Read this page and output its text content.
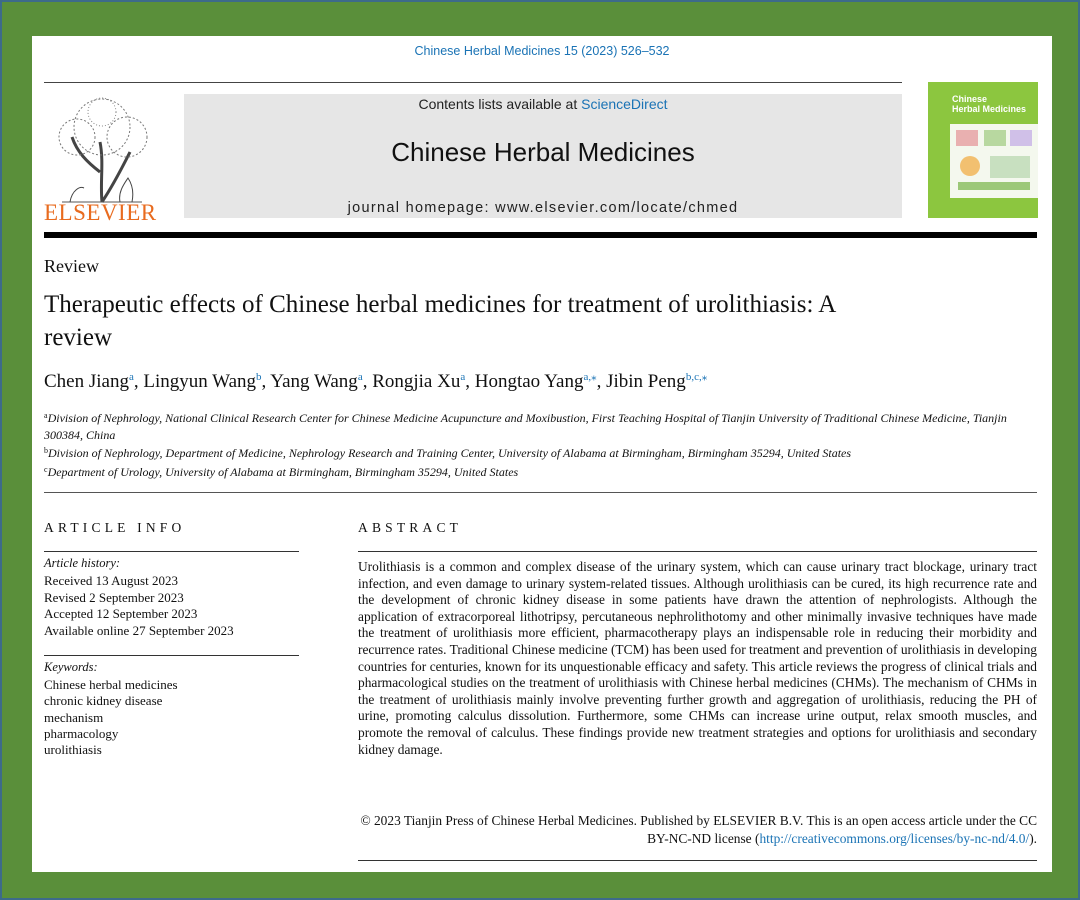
Chinese Herbal Medicines 15 (2023) 526–532
ELSEVIER
Contents lists available at ScienceDirect
Chinese Herbal Medicines
journal homepage: www.elsevier.com/locate/chmed
Chinese
Herbal Medicines
Review
Therapeutic effects of Chinese herbal medicines for treatment of urolithiasis: A review
Chen Jiang$^a$, Lingyun Wang$^b$, Yang Wang$^a$, Rongjia Xu$^a$, Hongtao Yang$^{a,⁎}$, Jibin Peng$^{b,c,⁎}$

$^a$Division of Nephrology, National Clinical Research Center for Chinese Medicine Acupuncture and Moxibustion, First Teaching Hospital of Tianjin University of Traditional Chinese Medicine, Tianjin 300384, China

$^b$Division of Nephrology, Department of Medicine, Nephrology Research and Training Center, University of Alabama at Birmingham, Birmingham 35294, United States

$^c$Department of Urology, University of Alabama at Birmingham, Birmingham 35294, United States

ARTICLE INFO	ABSTRACT
Article history:
Received 13 August 2023
Revised 2 September 2023
Accepted 12 September 2023
Available online 27 September 2023
Keywords:
Chinese herbal medicines
chronic kidney disease
mechanism
pharmacology
urolithiasis

Urolithiasis is a common and complex disease of the urinary system, which can cause urinary tract blockage, urinary tract infection, and even damage to urinary system-related tissues. Although urolithiasis can be cured, its high recurrence rate and the development of chronic kidney disease in some patients have drawn the attention of nephrologists. Although the application of extracorporeal lithotripsy, percutaneous nephrolithotomy and other minimally invasive techniques have made the treatment of urolithiasis more efficient, pharmacotherapy plays an indispensable role in reducing their morbidity and recurrence rates. Traditional Chinese medicine (TCM) has been used for treatment and prevention of urolithiasis in developing countries for centuries, known for its unquestionable efficacy and safety. This article reviews the progress of clinical trials and pharmacological studies on the treatment of urolithiasis with Chinese herbal medicines (CHMs). The mechanism of CHMs in the treatment of urolithiasis mainly involve preventing further growth and aggregation of urolithiasis, reducing the PH of urine, promoting calculus dissolution. Furthermore, some CHMs can increase urine output, relax smooth muscles, and promote the removal of calculus. These findings provide new treatment strategies and options for urolithiasis and secondary kidney damage.

© 2023 Tianjin Press of Chinese Herbal Medicines. Published by ELSEVIER B.V. This is an open access article under the CC BY-NC-ND license (http://creativecommons.org/licenses/by-nc-nd/4.0/).
